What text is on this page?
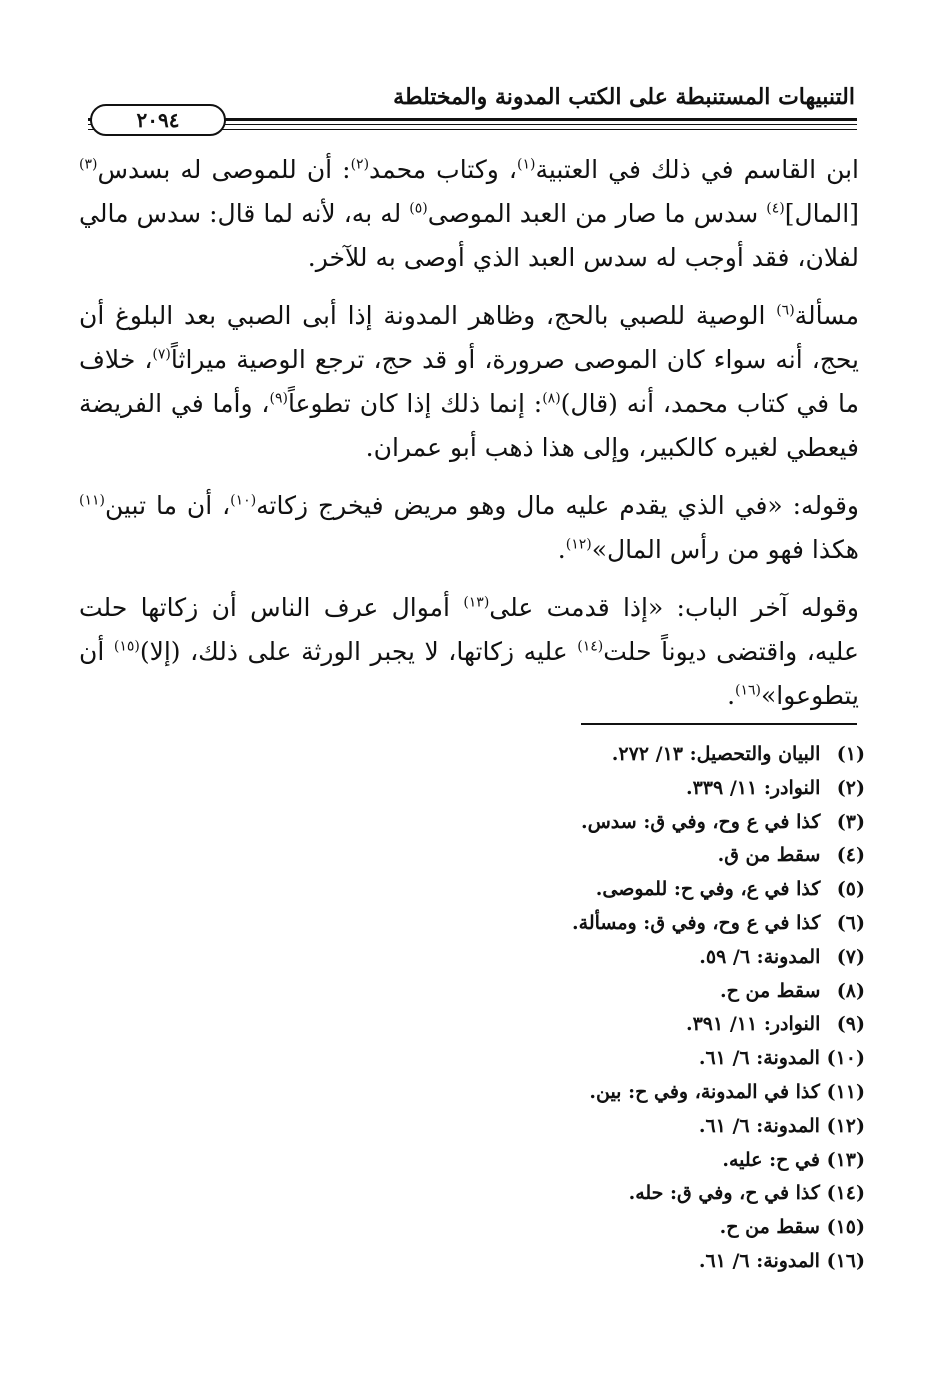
التنبيهات المستنبطة على الكتب المدونة والمختلطة
٢٠٩٤

ابن القاسم في ذلك في العتبية$^{(١)}$، وكتاب محمد$^{(٢)}$: أن للموصى له بسدس$^{(٣)}$ [المال]$^{(٤)}$ سدس ما صار من العبد الموصى$^{(٥)}$ له به، لأنه لما قال: سدس مالي لفلان، فقد أوجب له سدس العبد الذي أوصى به للآخر.

مسألة$^{(٦)}$ الوصية للصبي بالحج، وظاهر المدونة إذا أبى الصبي بعد البلوغ أن يحج، أنه سواء كان الموصى صرورة، أو قد حج، ترجع الوصية ميراثاً$^{(٧)}$، خلاف ما في كتاب محمد، أنه (قال)$^{(٨)}$: إنما ذلك إذا كان تطوعاً$^{(٩)}$، وأما في الفريضة فيعطي لغيره كالكبير، وإلى هذا ذهب أبو عمران.

وقوله: «في الذي يقدم عليه مال وهو مريض فيخرج زكاته$^{(١٠)}$، أن ما تبين$^{(١١)}$ هكذا فهو من رأس المال»$^{(١٢)}$.

وقوله آخر الباب: «إذا قدمت على$^{(١٣)}$ أموال عرف الناس أن زكاتها حلت عليه، واقتضى ديوناً حلت$^{(١٤)}$ عليه زكاتها، لا يجبر الورثة على ذلك، (إلا)$^{(١٥)}$ أن يتطوعوا»$^{(١٦)}$.

(١) البيان والتحصيل: ١٣/ ٢٧٢.
(٢) النوادر: ١١/ ٣٣٩.
(٣) كذا في ع وح، وفي ق: سدس.
(٤) سقط من ق.
(٥) كذا في ع، وفي ح: للموصى.
(٦) كذا في ع وح، وفي ق: ومسألة.
(٧) المدونة: ٦/ ٥٩.
(٨) سقط من ح.
(٩) النوادر: ١١/ ٣٩١.
(١٠) المدونة: ٦/ ٦١.
(١١) كذا في المدونة، وفي ح: بين.
(١٢) المدونة: ٦/ ٦١.
(١٣) في ح: عليه.
(١٤) كذا في ح، وفي ق: حله.
(١٥) سقط من ح.
(١٦) المدونة: ٦/ ٦١.
